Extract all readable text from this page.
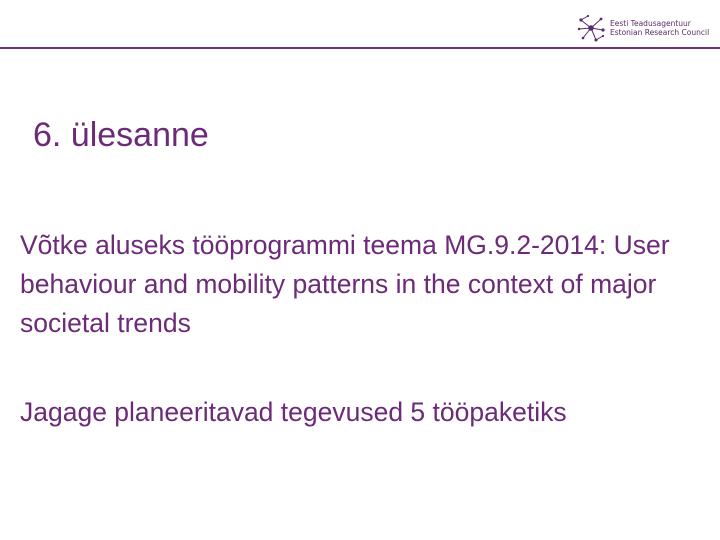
Eesti Teadusagentuur
Estonian Research Council
6. ülesanne

Võtke aluseks tööprogrammi teema MG.9.2-2014: User behaviour and mobility patterns in the context of major societal trends

Jagage planeeritavad tegevused 5 tööpaketiks
